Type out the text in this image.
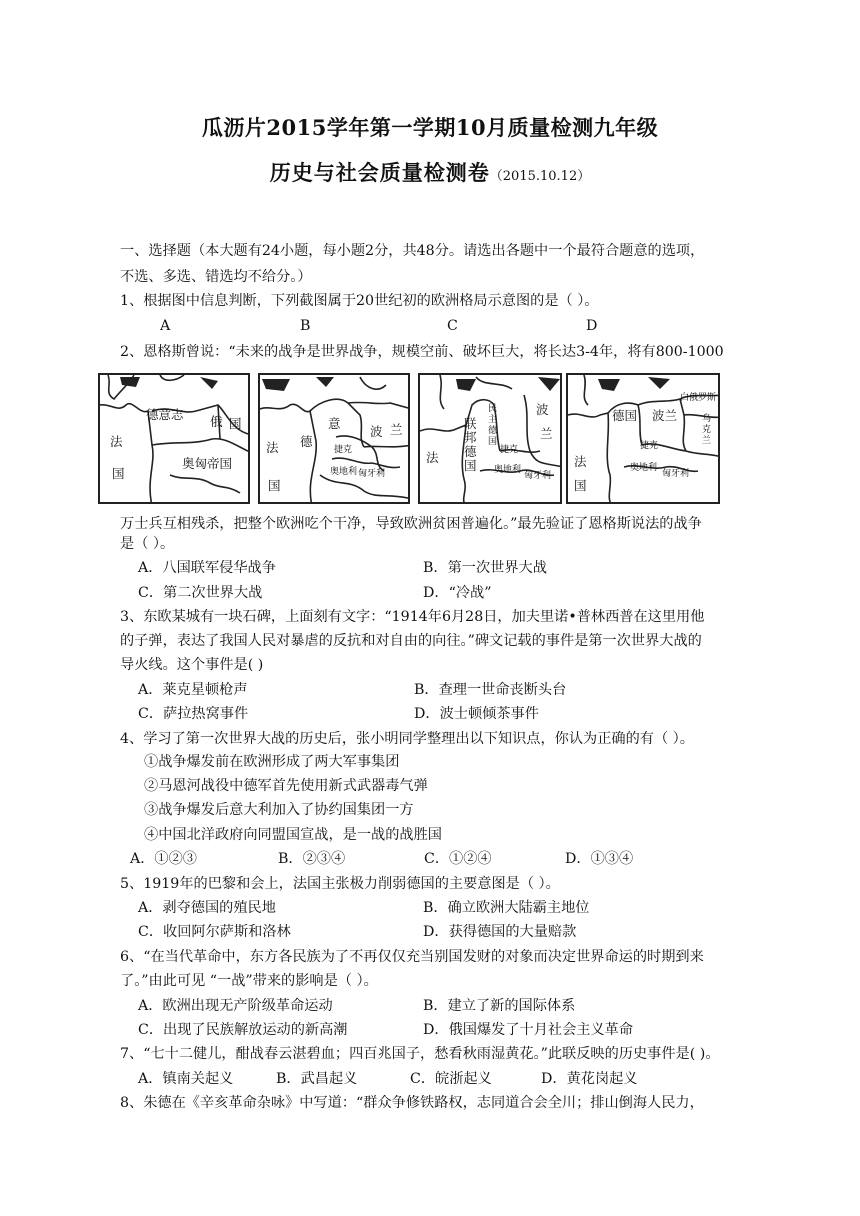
瓜沥片2015学年第一学期10月质量检测九年级
历史与社会质量检测卷（2015.10.12）
一、选择题（本大题有24小题，每小题2分，共48分。请选出各题中一个最符合题意的选项，
不选、多选、错选均不给分。）
1、根据图中信息判断，下列截图属于20世纪初的欧洲格局示意图的是（ ）。
A	B	C	D
2、恩格斯曾说：“未来的战争是世界战争，规模空前、破坏巨大，将长达3-4年，将有800-1000
德意志 俄 国
法
国
奥匈帝国
法
国
意
德
波 兰
捷克
奥地利 匈牙利
民主德国
联
邦
德
国
波
兰
法	捷克
奥地利
匈牙利
德国 波兰
白俄罗斯
乌克兰
法
国
捷克
奥地利
匈牙利
万士兵互相残杀，把整个欧洲吃个干净，导致欧洲贫困普遍化。”最先验证了恩格斯说法的战争
是（ ）。
A．八国联军侵华战争	B．第一次世界大战
C．第二次世界大战	D．“冷战”
3、东欧某城有一块石碑，上面刻有文字：“1914年6月28日，加夫里诺•普林西普在这里用他
的子弹，表达了我国人民对暴虐的反抗和对自由的向往。”碑文记载的事件是第一次世界大战的
导火线。这个事件是( )
A．莱克星顿枪声	B．查理一世命丧断头台
C．萨拉热窝事件	D．波士顿倾茶事件
4、学习了第一次世界大战的历史后，张小明同学整理出以下知识点，你认为正确的有（ ）。
①战争爆发前在欧洲形成了两大军事集团
②马恩河战役中德军首先使用新式武器毒气弹
③战争爆发后意大利加入了协约国集团一方
④中国北洋政府向同盟国宣战，是一战的战胜国
A．①②③	B．②③④	C．①②④	D．①③④
5、1919年的巴黎和会上，法国主张极力削弱德国的主要意图是（ ）。
A．剥夺德国的殖民地	B．确立欧洲大陆霸主地位
C．收回阿尔萨斯和洛林	D．获得德国的大量赔款
6、“在当代革命中，东方各民族为了不再仅仅充当别国发财的对象而决定世界命运的时期到来
了。”由此可见 “一战”带来的影响是（ ）。
A．欧洲出现无产阶级革命运动	B．建立了新的国际体系
C．出现了民族解放运动的新高潮	D．俄国爆发了十月社会主义革命
7、“七十二健儿，酣战春云湛碧血；四百兆国子，愁看秋雨湿黄花。”此联反映的历史事件是( )。
A．镇南关起义	B．武昌起义	C．皖浙起义	D．黄花岗起义
8、朱德在《辛亥革命杂咏》中写道：“群众争修铁路权，志同道合会全川；排山倒海人民力，
